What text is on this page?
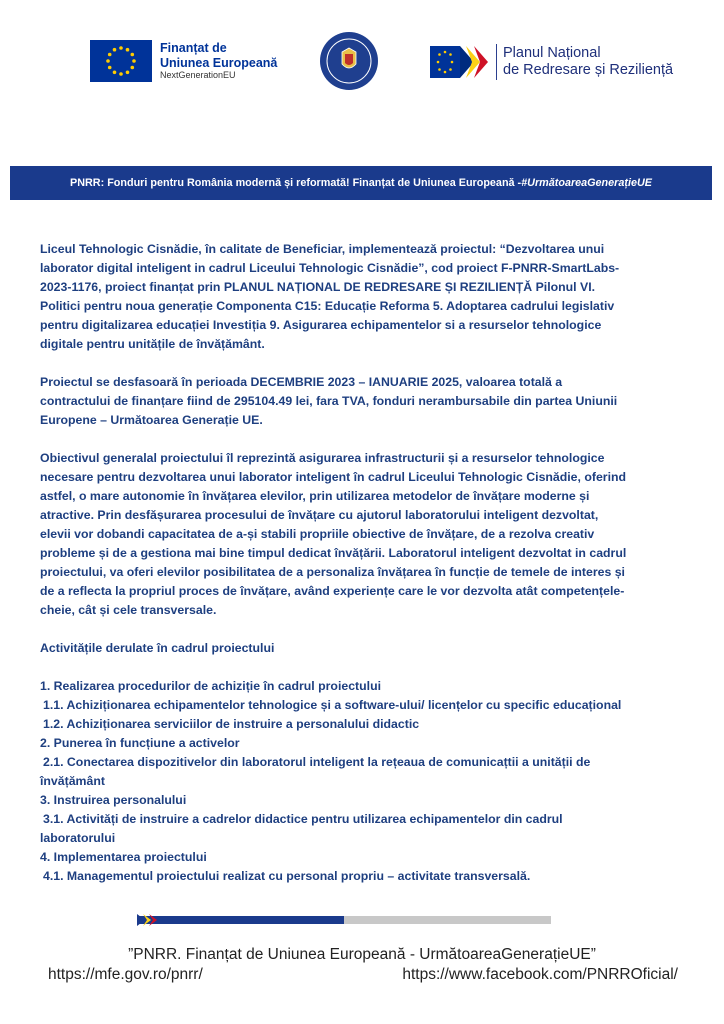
Finanțat de
Uniunea Europeană
NextGenerationEU
Planul Național
de Redresare și Reziliență
PNRR: Fonduri pentru România modernă și reformată! Finanțat de Uniunea Europeană - #UrmătoareaGenerațieUE

Liceul Tehnologic Cisnădie, în calitate de Beneficiar, implementează proiectul: “Dezvoltarea unui
laborator digital inteligent in cadrul Liceului Tehnologic Cisnădie”, cod proiect F-PNRR-SmartLabs-
2023-1176, proiect finanțat prin PLANUL NAȚIONAL DE REDRESARE ȘI REZILIENȚĂ Pilonul VI.
Politici pentru noua generație Componenta C15: Educație Reforma 5. Adoptarea cadrului legislativ
pentru digitalizarea educației Investiția 9. Asigurarea echipamentelor si a resurselor tehnologice
digitale pentru unitățile de învățământ.

Proiectul se desfasoară în perioada DECEMBRIE 2023 – IANUARIE 2025, valoarea totală a
contractului de finanțare fiind de 295104.49 lei, fara TVA, fonduri nerambursabile din partea Uniunii
Europene – Următoarea Generație UE.

Obiectivul generalal proiectului îl reprezintă asigurarea infrastructurii și a resurselor tehnologice
necesare pentru dezvoltarea unui laborator inteligent în cadrul Liceului Tehnologic Cisnădie, oferind
astfel, o mare autonomie în învățarea elevilor, prin utilizarea metodelor de învățare moderne și
atractive. Prin desfășurarea procesului de învățare cu ajutorul laboratorului inteligent dezvoltat,
elevii vor dobandi capacitatea de a-și stabili propriile obiective de învățare, de a rezolva creativ
probleme și de a gestiona mai bine timpul dedicat învățării. Laboratorul inteligent dezvoltat in cadrul
proiectului, va oferi elevilor posibilitatea de a personaliza învățarea în funcție de temele de interes și
de a reflecta la propriul proces de învățare, având experiențe care le vor dezvolta atât competențele-
cheie, cât și cele transversale.

Activitățile derulate în cadrul proiectului

1. Realizarea procedurilor de achiziție în cadrul proiectului
1.1. Achiziționarea echipamentelor tehnologice și a software-ului/ licențelor cu specific educațional
1.2. Achiziționarea serviciilor de instruire a personalului didactic
2. Punerea în funcțiune a activelor
2.1. Conectarea dispozitivelor din laboratorul inteligent la rețeaua de comunicațtii a unității de
învățământ
3. Instruirea personalului
3.1. Activități de instruire a cadrelor didactice pentru utilizarea echipamentelor din cadrul
laboratorului
4. Implementarea proiectului
4.1. Managementul proiectului realizat cu personal propriu – activitate transversală.
”PNRR. Finanțat de Uniunea Europeană - UrmătoareaGenerațieUE”
https://mfe.gov.ro/pnrr/	https://www.facebook.com/PNRROficial/
